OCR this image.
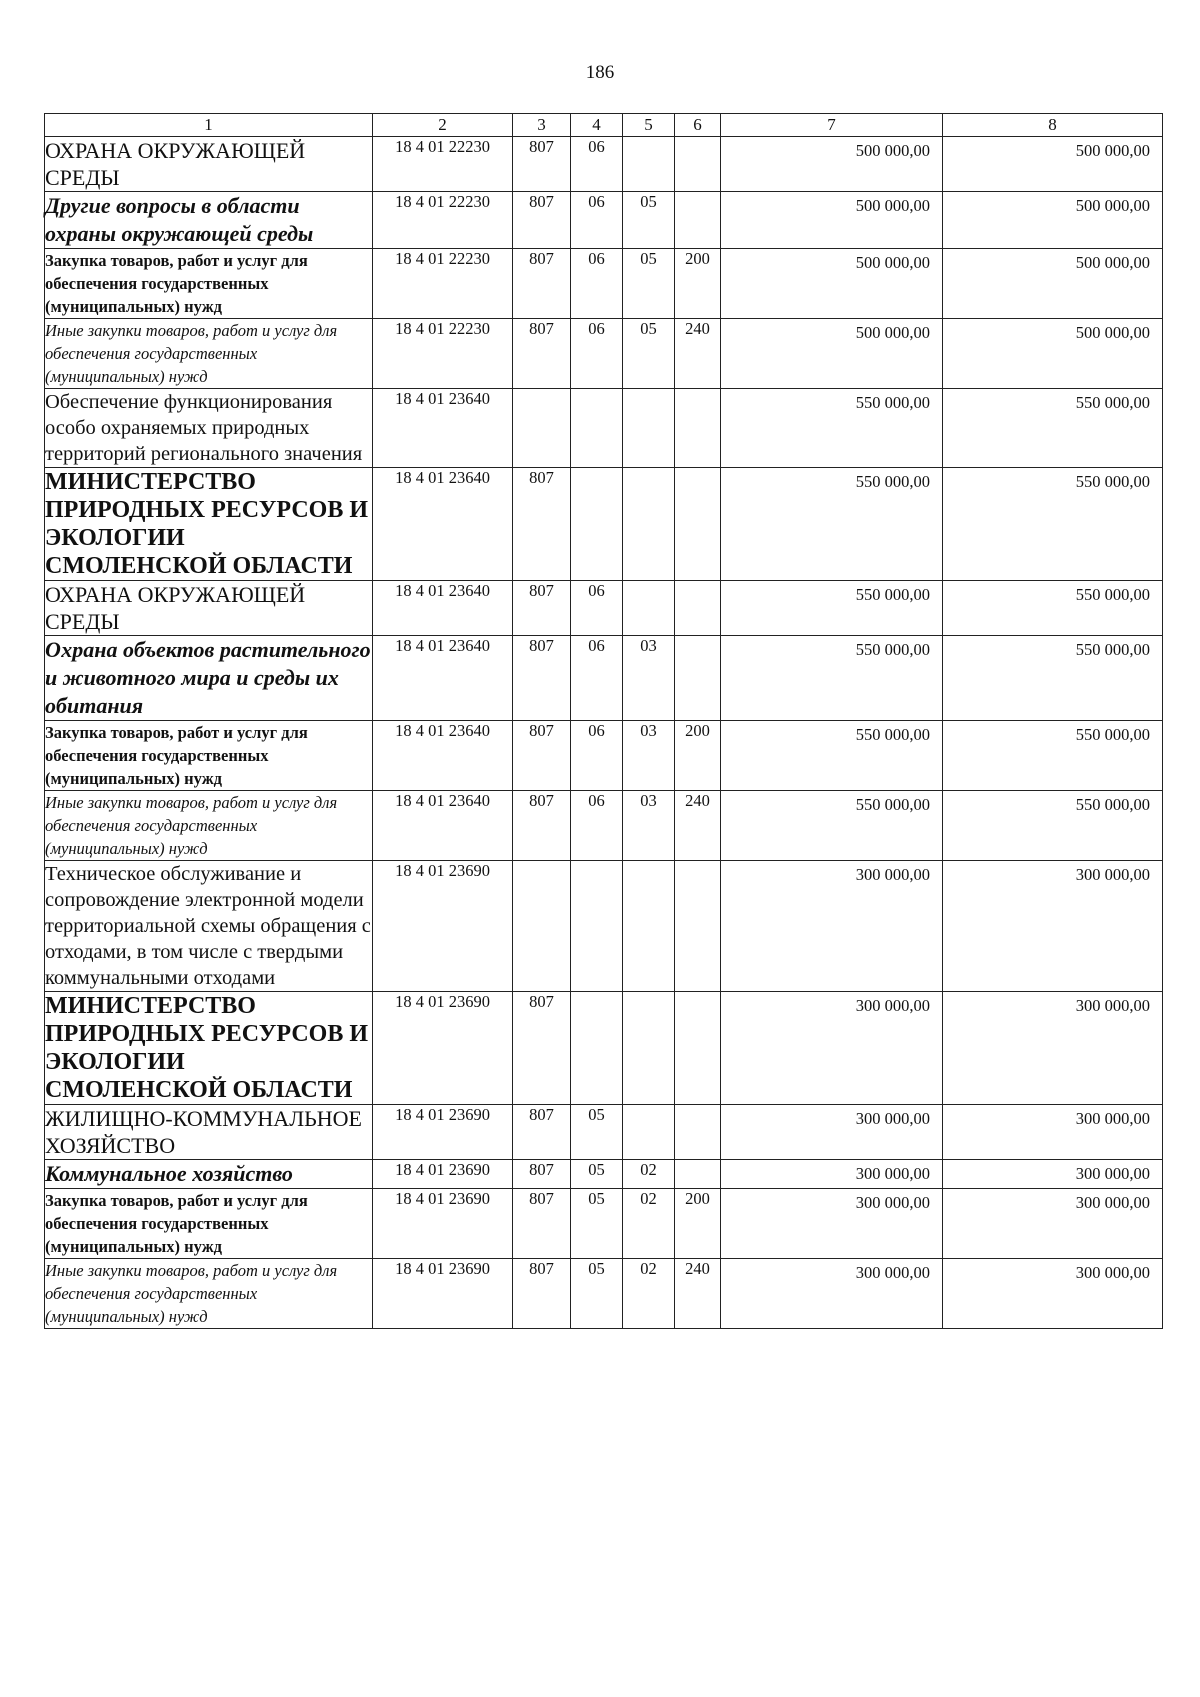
186
1	2	3	4	5	6	7	8

ОХРАНА ОКРУЖАЮЩЕЙ СРЕДЫ	18 4 01 22230	807	06			500 000,00	500 000,00

Другие вопросы в области охраны окружающей среды	18 4 01 22230	807	06	05		500 000,00	500 000,00

Закупка товаров, работ и услуг для обеспечения государственных (муниципальных) нужд	18 4 01 22230	807	06	05	200	500 000,00	500 000,00

Иные закупки товаров, работ и услуг для обеспечения государственных (муниципальных) нужд	18 4 01 22230	807	06	05	240	500 000,00	500 000,00

Обеспечение функционирования особо охраняемых природных территорий регионального значения	18 4 01 23640					550 000,00	550 000,00

МИНИСТЕРСТВО ПРИРОДНЫХ РЕСУРСОВ И ЭКОЛОГИИ СМОЛЕНСКОЙ ОБЛАСТИ	18 4 01 23640	807				550 000,00	550 000,00

ОХРАНА ОКРУЖАЮЩЕЙ СРЕДЫ	18 4 01 23640	807	06			550 000,00	550 000,00

Охрана объектов растительного и животного мира и среды их обитания	18 4 01 23640	807	06	03		550 000,00	550 000,00

Закупка товаров, работ и услуг для обеспечения государственных (муниципальных) нужд	18 4 01 23640	807	06	03	200	550 000,00	550 000,00

Иные закупки товаров, работ и услуг для обеспечения государственных (муниципальных) нужд	18 4 01 23640	807	06	03	240	550 000,00	550 000,00

Техническое обслуживание и сопровождение электронной модели территориальной схемы обращения с отходами, в том числе с твердыми коммунальными отходами	18 4 01 23690					300 000,00	300 000,00

МИНИСТЕРСТВО ПРИРОДНЫХ РЕСУРСОВ И ЭКОЛОГИИ СМОЛЕНСКОЙ ОБЛАСТИ	18 4 01 23690	807				300 000,00	300 000,00

ЖИЛИЩНО-КОММУНАЛЬНОЕ ХОЗЯЙСТВО	18 4 01 23690	807	05			300 000,00	300 000,00

Коммунальное хозяйство	18 4 01 23690	807	05	02		300 000,00	300 000,00

Закупка товаров, работ и услуг для обеспечения государственных (муниципальных) нужд	18 4 01 23690	807	05	02	200	300 000,00	300 000,00

Иные закупки товаров, работ и услуг для обеспечения государственных (муниципальных) нужд	18 4 01 23690	807	05	02	240	300 000,00	300 000,00
